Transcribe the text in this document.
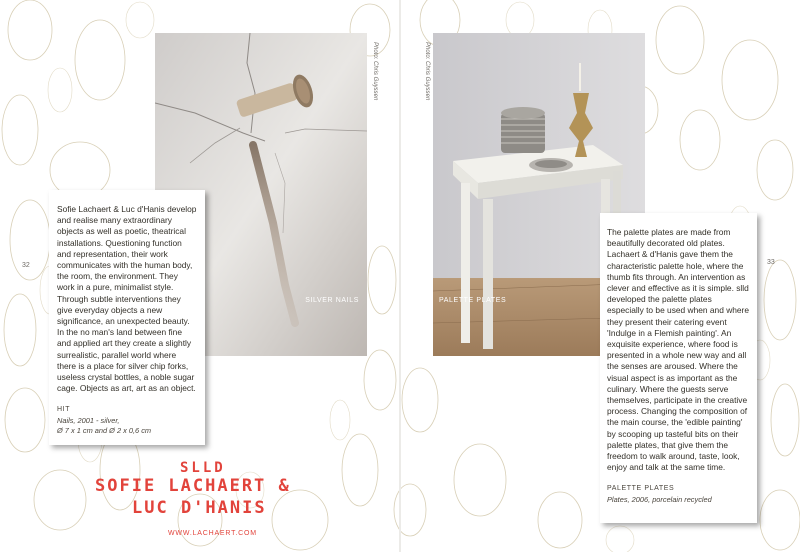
32
SILVER NAILS
Photo: Chris Guyssen

Sofie Lachaert & Luc d'Hanis develop and realise many extraordinary objects as well as poetic, theatrical installations. Questioning function and representation, their work communicates with the human body, the room, the environment. They work in a pure, minimalist style. Through subtle interventions they give everyday objects a new significance, an unexpected beauty. In the no man's land between fine and applied art they create a slightly surrealistic, parallel world where there is a place for silver chip forks, useless crystal bottles, a noble sugar cage. Objects as art, art as an object.

HIT
Nails, 2001 - silver,
Ø 7 x 1 cm and Ø 2 x 0,6 cm
SLLD
SOFIE LACHAERT &
LUC D'HANIS
WWW.LACHAERT.COM
33
PALETTE PLATES
Photo: Chris Guyssen

The palette plates are made from beautifully decorated old plates. Lachaert & d'Hanis gave them the characteristic palette hole, where the thumb fits through. An intervention as clever and effective as it is simple. slld developed the palette plates especially to be used when and where they present their catering event 'Indulge in a Flemish painting'. An exquisite experience, where food is presented in a whole new way and all the senses are aroused. Where the visual aspect is as important as the culinary. Where the guests serve themselves, participate in the creative process. Changing the composition of the main course, the 'edible painting' by scooping up tasteful bits on their palette plates, that give them the freedom to walk around, taste, look, enjoy and talk at the same time.

PALETTE PLATES
Plates, 2006, porcelain recycled
